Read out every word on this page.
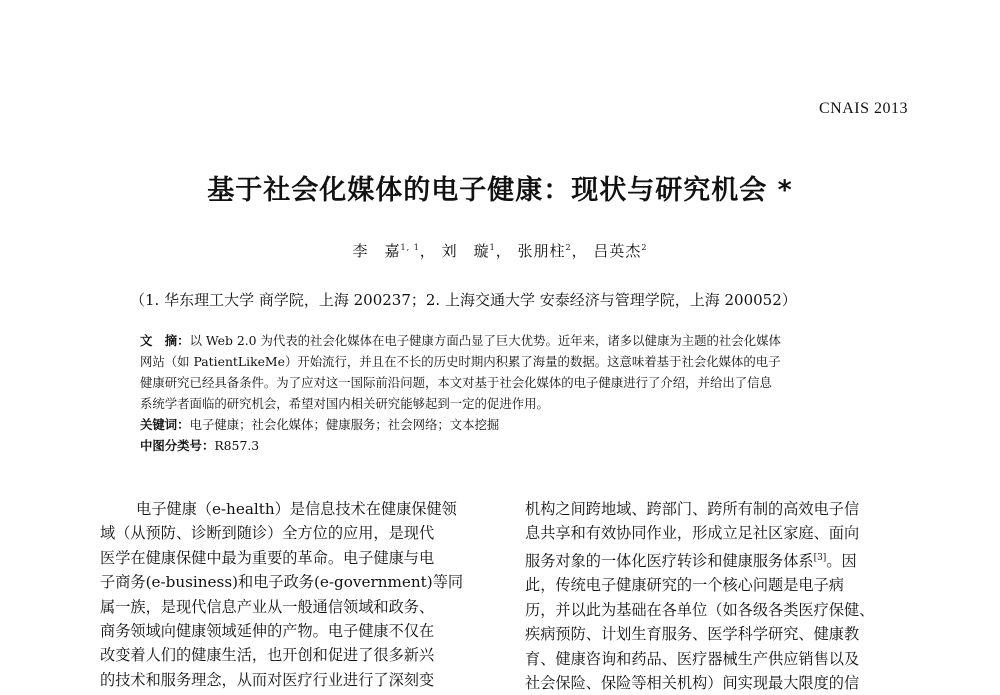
CNAIS 2013
基于社会化媒体的电子健康：现状与研究机会 *
李　嘉$^{1, 1}$， 刘　璇$^1$， 张朋柱$^2$， 吕英杰$^2$
（1. 华东理工大学 商学院，上海 200237；2. 上海交通大学 安泰经济与管理学院，上海 200052）
文　摘：以 Web 2.0 为代表的社会化媒体在电子健康方面凸显了巨大优势。近年来，诸多以健康为主题的社会化媒体
网站（如 PatientLikeMe）开始流行，并且在不长的历史时期内积累了海量的数据。这意味着基于社会化媒体的电子
健康研究已经具备条件。为了应对这一国际前沿问题，本文对基于社会化媒体的电子健康进行了介绍，并给出了信息
系统学者面临的研究机会，希望对国内相关研究能够起到一定的促进作用。
关键词：电子健康；社会化媒体；健康服务；社会网络；文本挖掘
中图分类号：R857.3
电子健康（e-health）是信息技术在健康保健领
域（从预防、诊断到随诊）全方位的应用，是现代
医学在健康保健中最为重要的革命。电子健康与电
子商务(e-business)和电子政务(e-government)等同
属一族，是现代信息产业从一般通信领域和政务、
商务领域向健康领域延伸的产物。电子健康不仅在
改变着人们的健康生活，也开创和促进了很多新兴
的技术和服务理念，从而对医疗行业进行了深刻变
机构之间跨地域、跨部门、跨所有制的高效电子信
息共享和有效协同作业，形成立足社区家庭、面向
服务对象的一体化医疗转诊和健康服务体系[3]。因
此，传统电子健康研究的一个核心问题是电子病
历，并以此为基础在各单位（如各级各类医疗保健、
疾病预防、计划生育服务、医学科学研究、健康教
育、健康咨询和药品、医疗器械生产供应销售以及
社会保险、保险等相关机构）间实现最大限度的信
